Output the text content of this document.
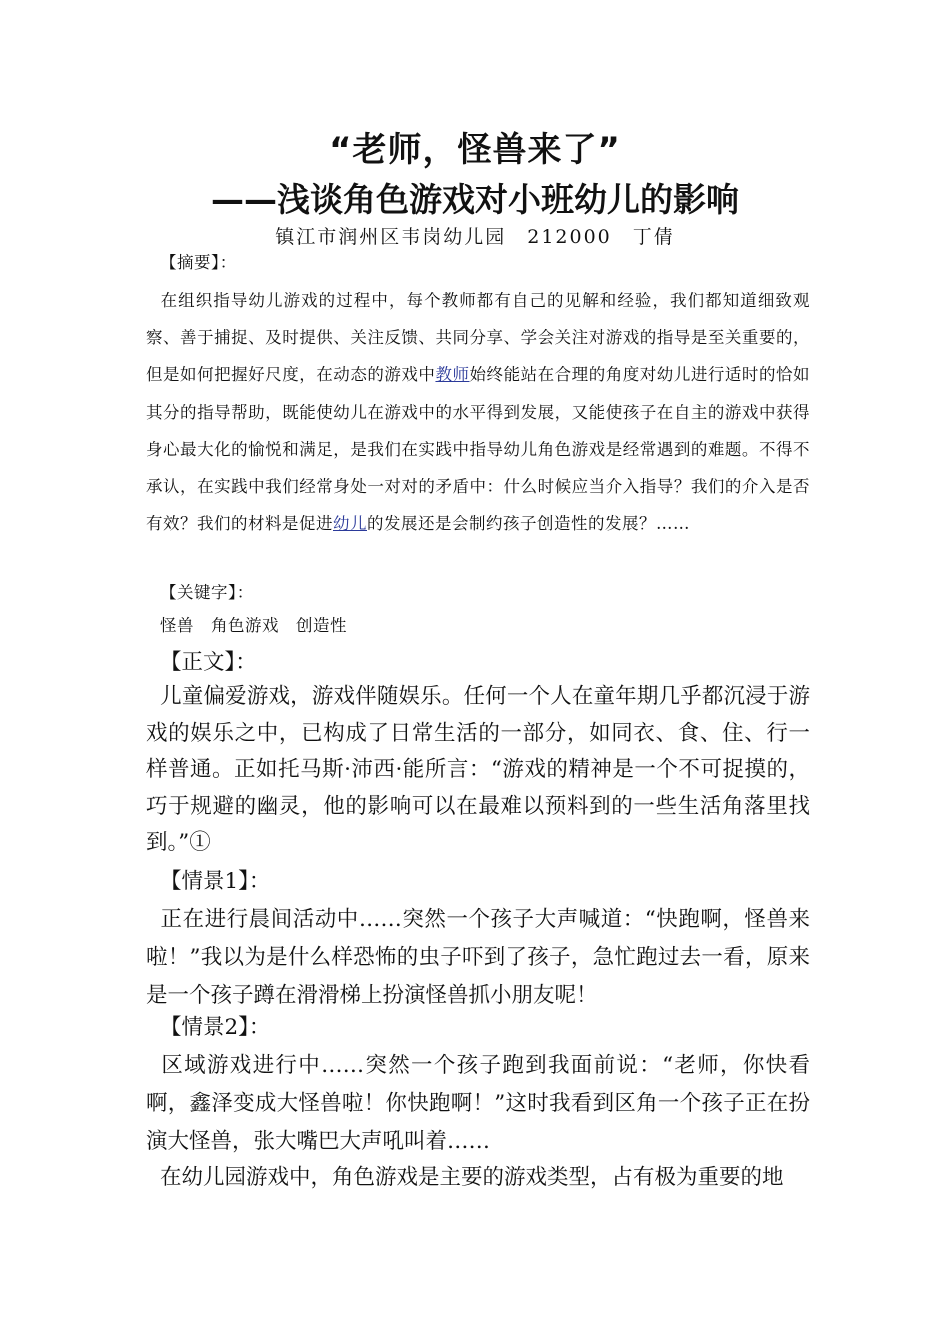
“老师，怪兽来了”
——浅谈角色游戏对小班幼儿的影响
镇江市润州区韦岗幼儿园　212000　丁倩
【摘要】：
在组织指导幼儿游戏的过程中，每个教师都有自己的见解和经验，我们都知道细致观察、善于捕捉、及时提供、关注反馈、共同分享、学会关注对游戏的指导是至关重要的，但是如何把握好尺度，在动态的游戏中教师始终能站在合理的角度对幼儿进行适时的恰如其分的指导帮助，既能使幼儿在游戏中的水平得到发展，又能使孩子在自主的游戏中获得身心最大化的愉悦和满足，是我们在实践中指导幼儿角色游戏是经常遇到的难题。不得不承认，在实践中我们经常身处一对对的矛盾中：什么时候应当介入指导？我们的介入是否有效？我们的材料是促进幼儿的发展还是会制约孩子创造性的发展？……
【关键字】：
怪兽　角色游戏　创造性
【正文】：

儿童偏爱游戏，游戏伴随娱乐。任何一个人在童年期几乎都沉浸于游戏的娱乐之中，已构成了日常生活的一部分，如同衣、食、住、行一样普通。正如托马斯·沛西·能所言：“游戏的精神是一个不可捉摸的，巧于规避的幽灵，他的影响可以在最难以预料到的一些生活角落里找到。”①

【情景1】：

正在进行晨间活动中……突然一个孩子大声喊道：“快跑啊，怪兽来啦！”我以为是什么样恐怖的虫子吓到了孩子，急忙跑过去一看，原来是一个孩子蹲在滑滑梯上扮演怪兽抓小朋友呢！

【情景2】：

区域游戏进行中……突然一个孩子跑到我面前说：“老师，你快看啊，鑫泽变成大怪兽啦！你快跑啊！”这时我看到区角一个孩子正在扮演大怪兽，张大嘴巴大声吼叫着……

在幼儿园游戏中，角色游戏是主要的游戏类型，占有极为重要的地
